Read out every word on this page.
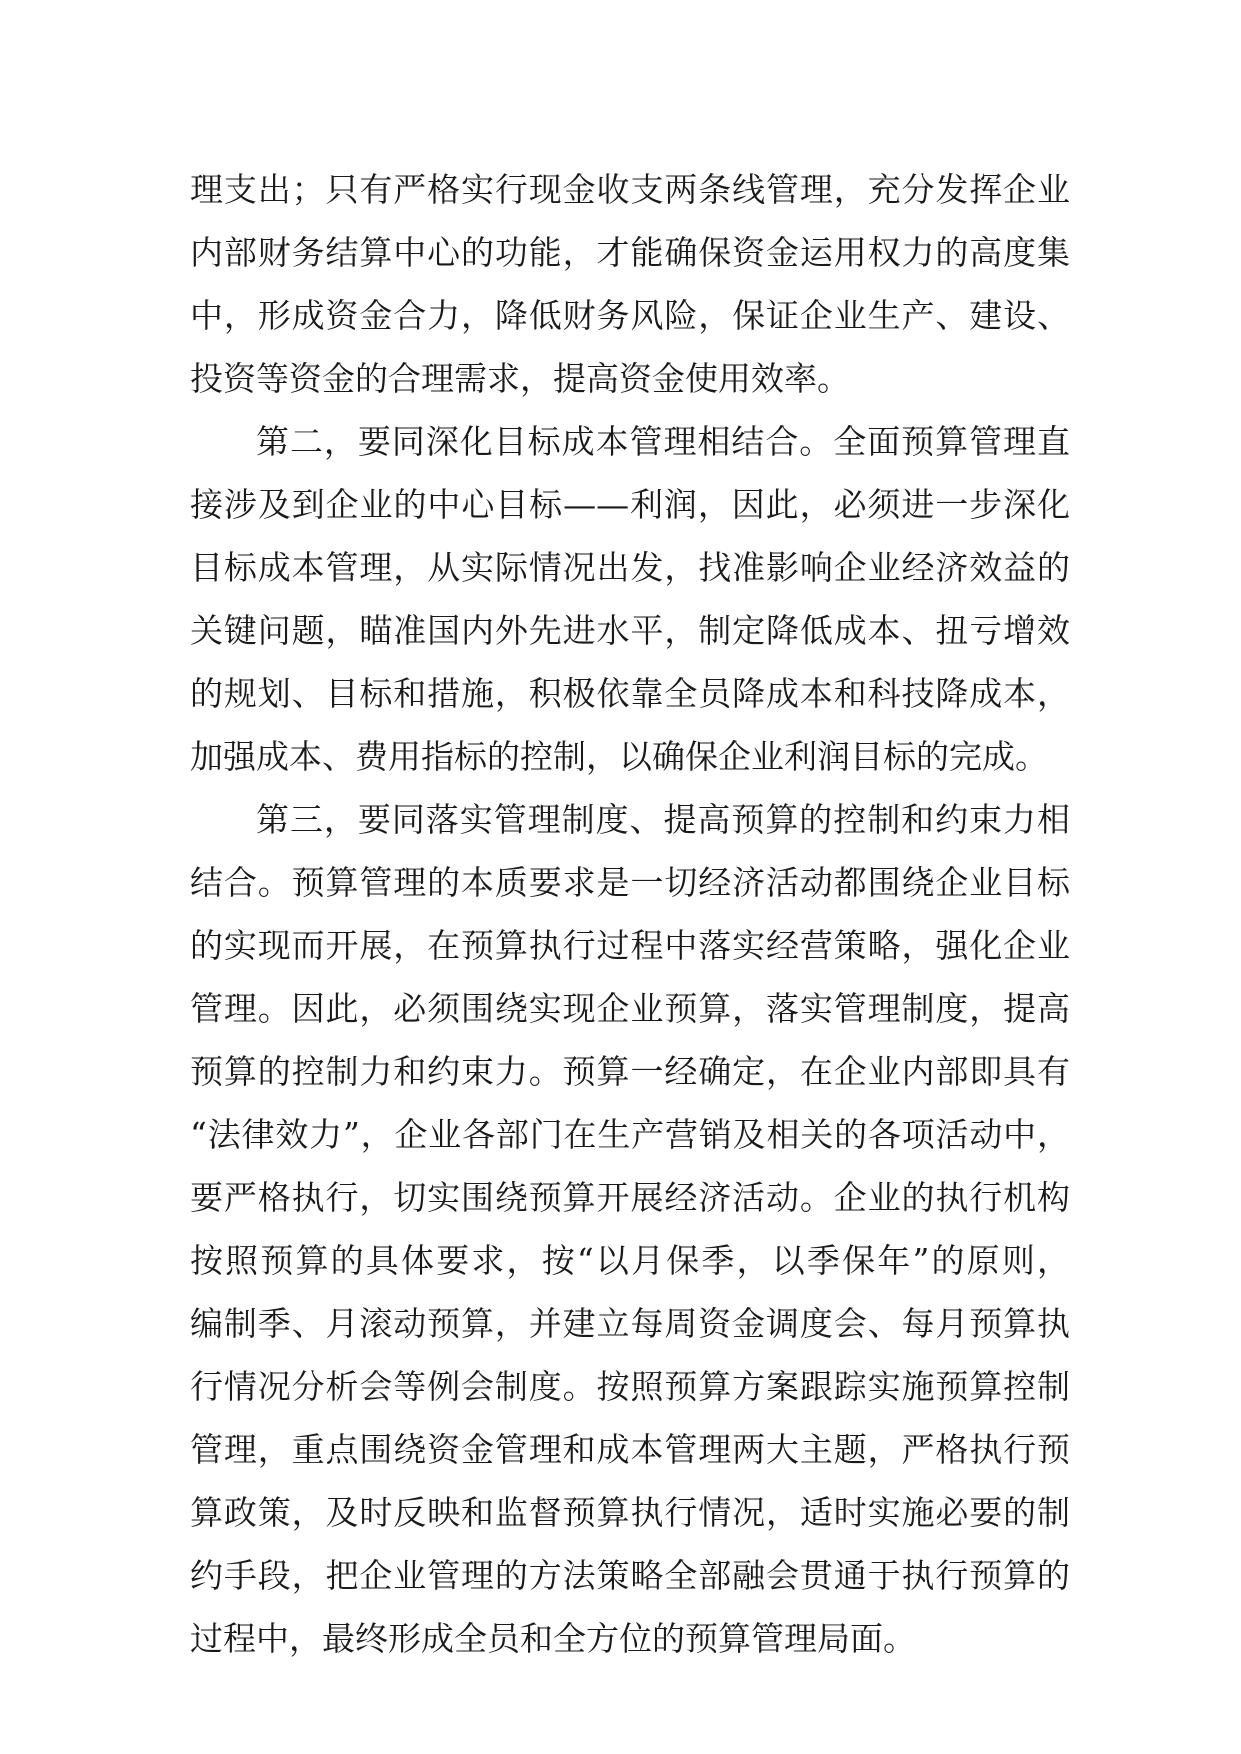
理支出；只有严格实行现金收支两条线管理，充分发挥企业
内部财务结算中心的功能，才能确保资金运用权力的高度集
中，形成资金合力，降低财务风险，保证企业生产、建设、
投资等资金的合理需求，提高资金使用效率。
第二，要同深化目标成本管理相结合。全面预算管理直
接涉及到企业的中心目标——利润，因此，必须进一步深化
目标成本管理，从实际情况出发，找准影响企业经济效益的
关键问题，瞄准国内外先进水平，制定降低成本、扭亏增效
的规划、目标和措施，积极依靠全员降成本和科技降成本，
加强成本、费用指标的控制，以确保企业利润目标的完成。
第三，要同落实管理制度、提高预算的控制和约束力相
结合。预算管理的本质要求是一切经济活动都围绕企业目标
的实现而开展，在预算执行过程中落实经营策略，强化企业
管理。因此，必须围绕实现企业预算，落实管理制度，提高
预算的控制力和约束力。预算一经确定，在企业内部即具有
“法律效力”，企业各部门在生产营销及相关的各项活动中，
要严格执行，切实围绕预算开展经济活动。企业的执行机构
按照预算的具体要求，按“以月保季，以季保年”的原则，
编制季、月滚动预算，并建立每周资金调度会、每月预算执
行情况分析会等例会制度。按照预算方案跟踪实施预算控制
管理，重点围绕资金管理和成本管理两大主题，严格执行预
算政策，及时反映和监督预算执行情况，适时实施必要的制
约手段，把企业管理的方法策略全部融会贯通于执行预算的
过程中，最终形成全员和全方位的预算管理局面。
